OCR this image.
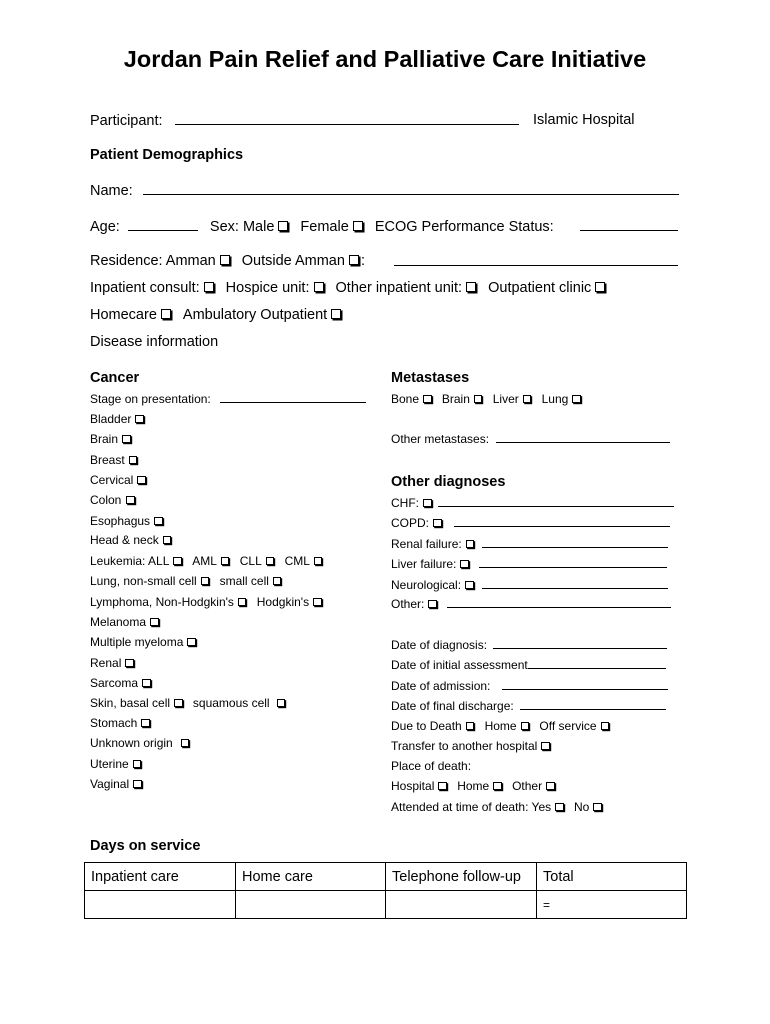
Jordan Pain Relief and Palliative Care Initiative
Participant:	Islamic Hospital
Patient Demographics
Name:
Age:	Sex: Male Female ECOG Performance Status:
Residence: Amman Outside Amman :
Inpatient consult: Hospice unit: Other inpatient unit: Outpatient clinic
Homecare Ambulatory Outpatient
Disease information
Cancer
Stage on presentation:
Bladder
Brain
Breast
Cervical
Colon
Esophagus
Head & neck
Leukemia: ALL AML CLL CML
Lung, non-small cell small cell
Lymphoma, Non-Hodgkin's Hodgkin's
Melanoma
Multiple myeloma
Renal
Sarcoma
Skin, basal cell squamous cell
Stomach
Unknown origin
Uterine
Vaginal
Metastases
Bone Brain Liver Lung
Other metastases:
Other diagnoses
CHF:
COPD:
Renal failure:
Liver failure:
Neurological:
Other:
Date of diagnosis:
Date of initial assessment
Date of admission:
Date of final discharge:
Due to Death Home Off service
Transfer to another hospital
Place of death:
Hospital Home Other
Attended at time of death: Yes No
Days on service
Inpatient care	Home care	Telephone follow-up	Total
			=
